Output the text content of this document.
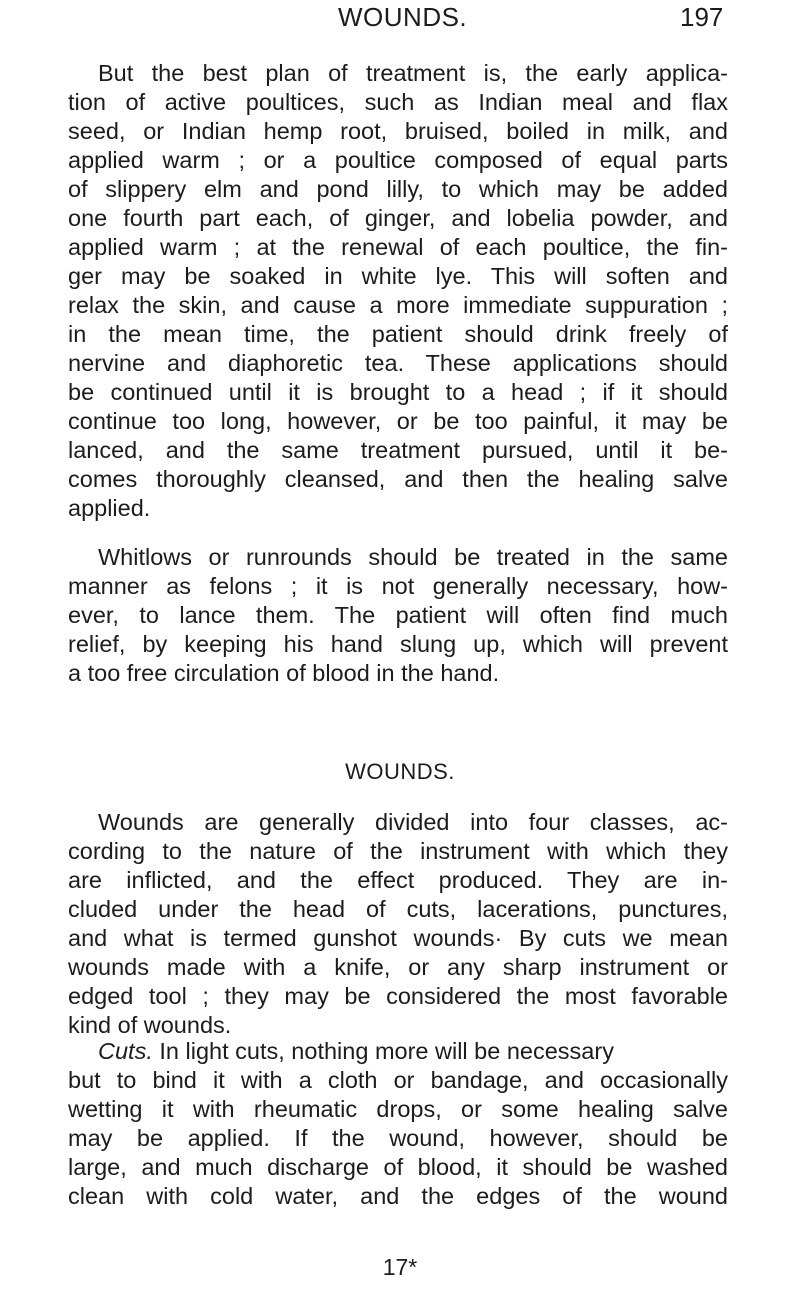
WOUNDS.	197

But the best plan of treatment is, the early applica-
tion of active poultices, such as Indian meal and flax
seed, or Indian hemp root, bruised, boiled in milk, and
applied warm ; or a poultice composed of equal parts
of slippery elm and pond lilly, to which may be added
one fourth part each, of ginger, and lobelia powder, and
applied warm ; at the renewal of each poultice, the fin-
ger may be soaked in white lye. This will soften and
relax the skin, and cause a more immediate suppuration ;
in the mean time, the patient should drink freely of
nervine and diaphoretic tea. These applications should
be continued until it is brought to a head ; if it should
continue too long, however, or be too painful, it may be
lanced, and the same treatment pursued, until it be-
comes thoroughly cleansed, and then the healing salve
applied.

Whitlows or runrounds should be treated in the same
manner as felons ; it is not generally necessary, how-
ever, to lance them. The patient will often find much
relief, by keeping his hand slung up, which will prevent
a too free circulation of blood in the hand.

WOUNDS.

Wounds are generally divided into four classes, ac-
cording to the nature of the instrument with which they
are inflicted, and the effect produced. They are in-
cluded under the head of cuts, lacerations, punctures,
and what is termed gunshot wounds· By cuts we mean
wounds made with a knife, or any sharp instrument or
edged tool ; they may be considered the most favorable
kind of wounds.

Cuts. In light cuts, nothing more will be necessary
but to bind it with a cloth or bandage, and occasionally
wetting it with rheumatic drops, or some healing salve
may be applied. If the wound, however, should be
large, and much discharge of blood, it should be washed
clean with cold water, and the edges of the wound

17*
